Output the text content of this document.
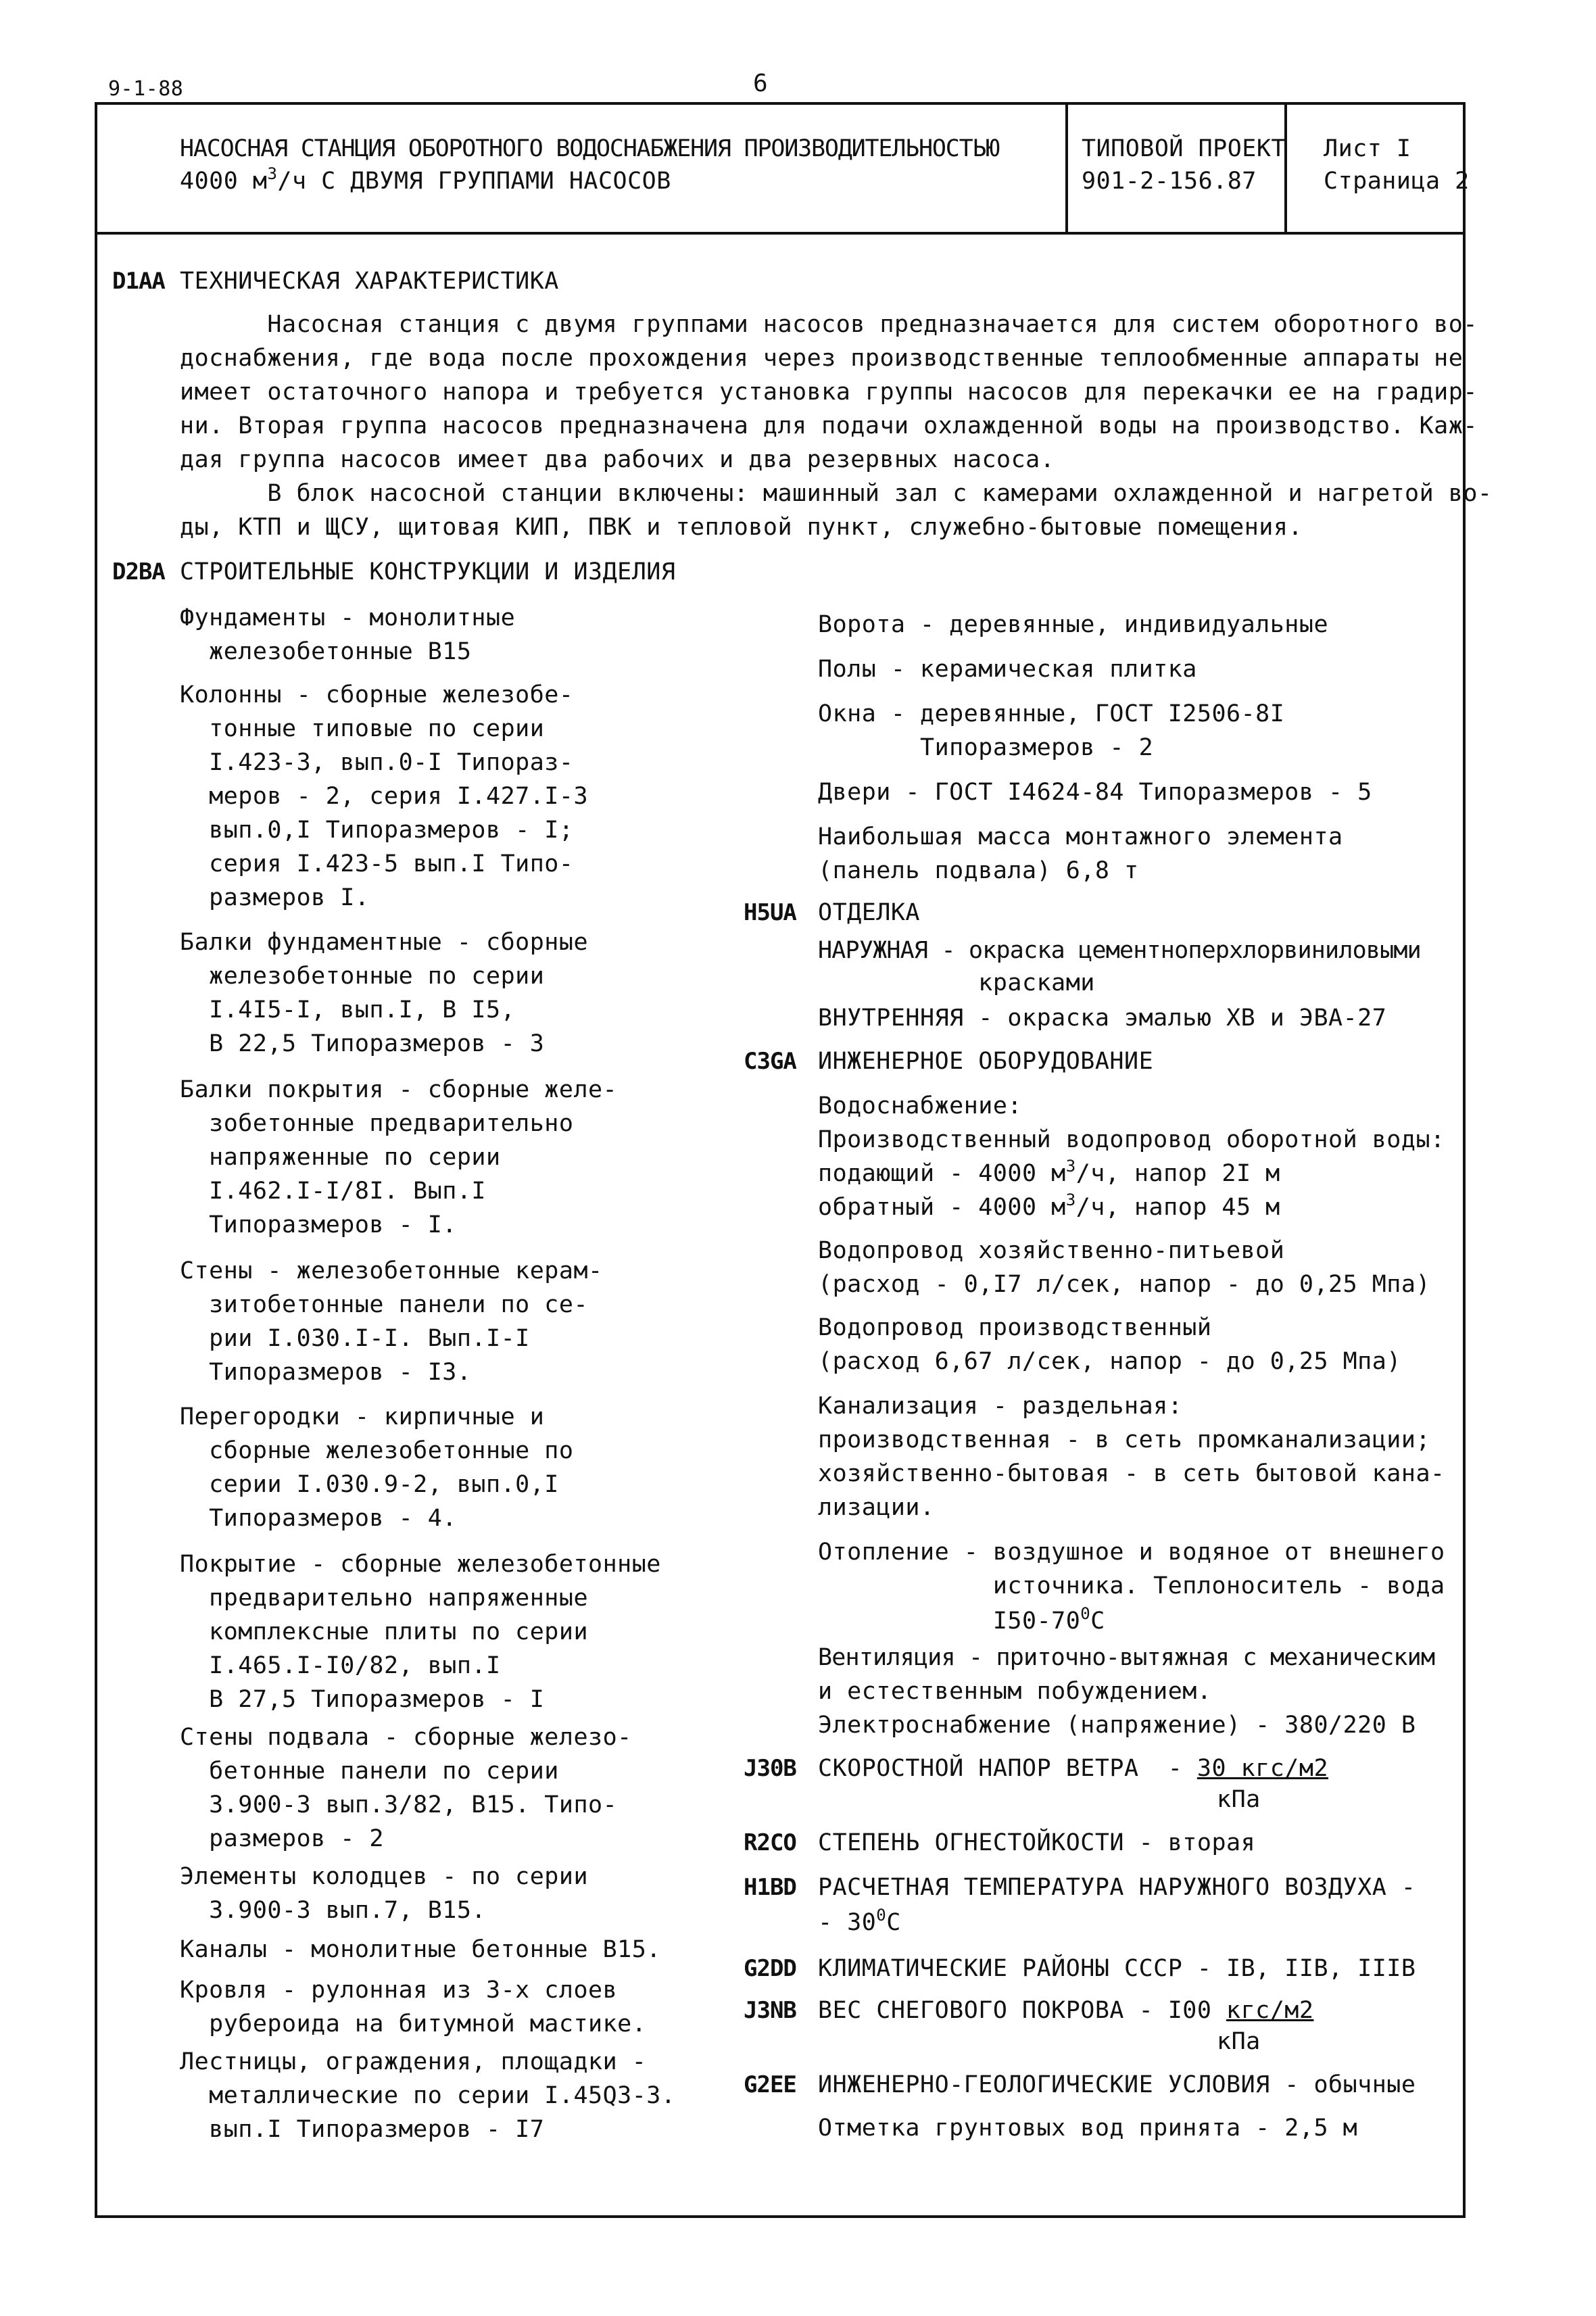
9-1-88	6
НАСОСНАЯ СТАНЦИЯ ОБОРОТНОГО ВОДОСНАБЖЕНИЯ ПРОИЗВОДИТЕЛЬНОСТЬЮ
4000 $м^3/ч$ С ДВУМЯ ГРУППАМИ НАСОСОВ
ТИПОВОЙ ПРОЕКТ
901-2-156.87
Лист I
Страница 2
D1AA ТЕХНИЧЕСКАЯ ХАРАКТЕРИСТИКА
Насосная станция с двумя группами насосов предназначается для систем оборотного во-
доснабжения, где вода после прохождения через производственные теплообменные аппараты не
имеет остаточного напора и требуется установка группы насосов для перекачки ее на градир-
ни. Вторая группа насосов предназначена для подачи охлажденной воды на производство. Каж-
дая группа насосов имеет два рабочих и два резервных насоса.
В блок насосной станции включены: машинный зал с камерами охлажденной и нагретой во-
ды, КТП и ЩСУ, щитовая КИП, ПВК и тепловой пункт, служебно-бытовые помещения.
D2BA СТРОИТЕЛЬНЫЕ КОНСТРУКЦИИ И ИЗДЕЛИЯ
Фундаменты - монолитные
железобетонные В15
Колонны - сборные железобе-
тонные типовые по серии
I.423-3, вып.0-I Типораз-
меров - 2, серия I.427.I-3
вып.0,I Типоразмеров - I;
серия I.423-5 вып.I Типо-
размеров I.
Балки фундаментные - сборные
железобетонные по серии
I.4I5-I, вып.I, В I5,
В 22,5 Типоразмеров - 3
Балки покрытия - сборные желе-
зобетонные предварительно
напряженные по серии
I.462.I-I/8I. Вып.I
Типоразмеров - I.
Стены - железобетонные керам-
зитобетонные панели по се-
рии I.030.I-I. Вып.I-I
Типоразмеров - I3.
Перегородки - кирпичные и
сборные железобетонные по
серии I.030.9-2, вып.0,I
Типоразмеров - 4.
Покрытие - сборные железобетонные
предварительно напряженные
комплексные плиты по серии
I.465.I-I0/82, вып.I
В 27,5 Типоразмеров - I
Стены подвала - сборные железо-
бетонные панели по серии
3.900-3 вып.3/82, В15. Типо-
размеров - 2
Элементы колодцев - по серии
3.900-3 вып.7, В15.
Каналы - монолитные бетонные В15.
Кровля - рулонная из 3-х слоев
рубероида на битумной мастике.
Лестницы, ограждения, площадки -
металлические по серии I.45Q3-3.
вып.I Типоразмеров - I7
Ворота - деревянные, индивидуальные
Полы - керамическая плитка
Окна - деревянные, ГОСТ I2506-8I
Типоразмеров - 2
Двери - ГОСТ I4624-84 Типоразмеров - 5
Наибольшая масса монтажного элемента
(панель подвала) 6,8 т
H5UA ОТДЕЛКА
НАРУЖНАЯ - окраска цементноперхлорвиниловыми
красками
ВНУТРЕННЯЯ - окраска эмалью ХВ и ЭВА-27
C3GA ИНЖЕНЕРНОЕ ОБОРУДОВАНИЕ
Водоснабжение:
Производственный водопровод оборотной воды:
подающий - 4000 $м^3/ч$, напор 2I м
обратный - 4000 $м^3/ч$, напор 45 м
Водопровод хозяйственно-питьевой
(расход - 0,I7 л/сек, напор - до 0,25 Мпа)
Водопровод производственный
(расход 6,67 л/сек, напор - до 0,25 Мпа)
Канализация - раздельная:
производственная - в сеть промканализации;
хозяйственно-бытовая - в сеть бытовой кана-
лизации.
Отопление - воздушное и водяное от внешнего
источника. Теплоноситель - вода
$I50-70^0С$
Вентиляция - приточно-вытяжная с механическим
и естественным побуждением.
Электроснабжение (напряжение) - 380/220 В
J30B СКОРОСТНОЙ НАПОР ВЕТРА  - 30 кгс/м2
кПа
R2CO СТЕПЕНЬ ОГНЕСТОЙКОСТИ - вторая
H1BD РАСЧЕТНАЯ ТЕМПЕРАТУРА НАРУЖНОГО ВОЗДУХА -
- $30^0С$
G2DD КЛИМАТИЧЕСКИЕ РАЙОНЫ СССР - IВ, IIВ, IIIВ
J3NB ВЕС СНЕГОВОГО ПОКРОВА - I00 кгс/м2
кПа
G2EE ИНЖЕНЕРНО-ГЕОЛОГИЧЕСКИЕ УСЛОВИЯ - обычные
Отметка грунтовых вод принята - 2,5 м
